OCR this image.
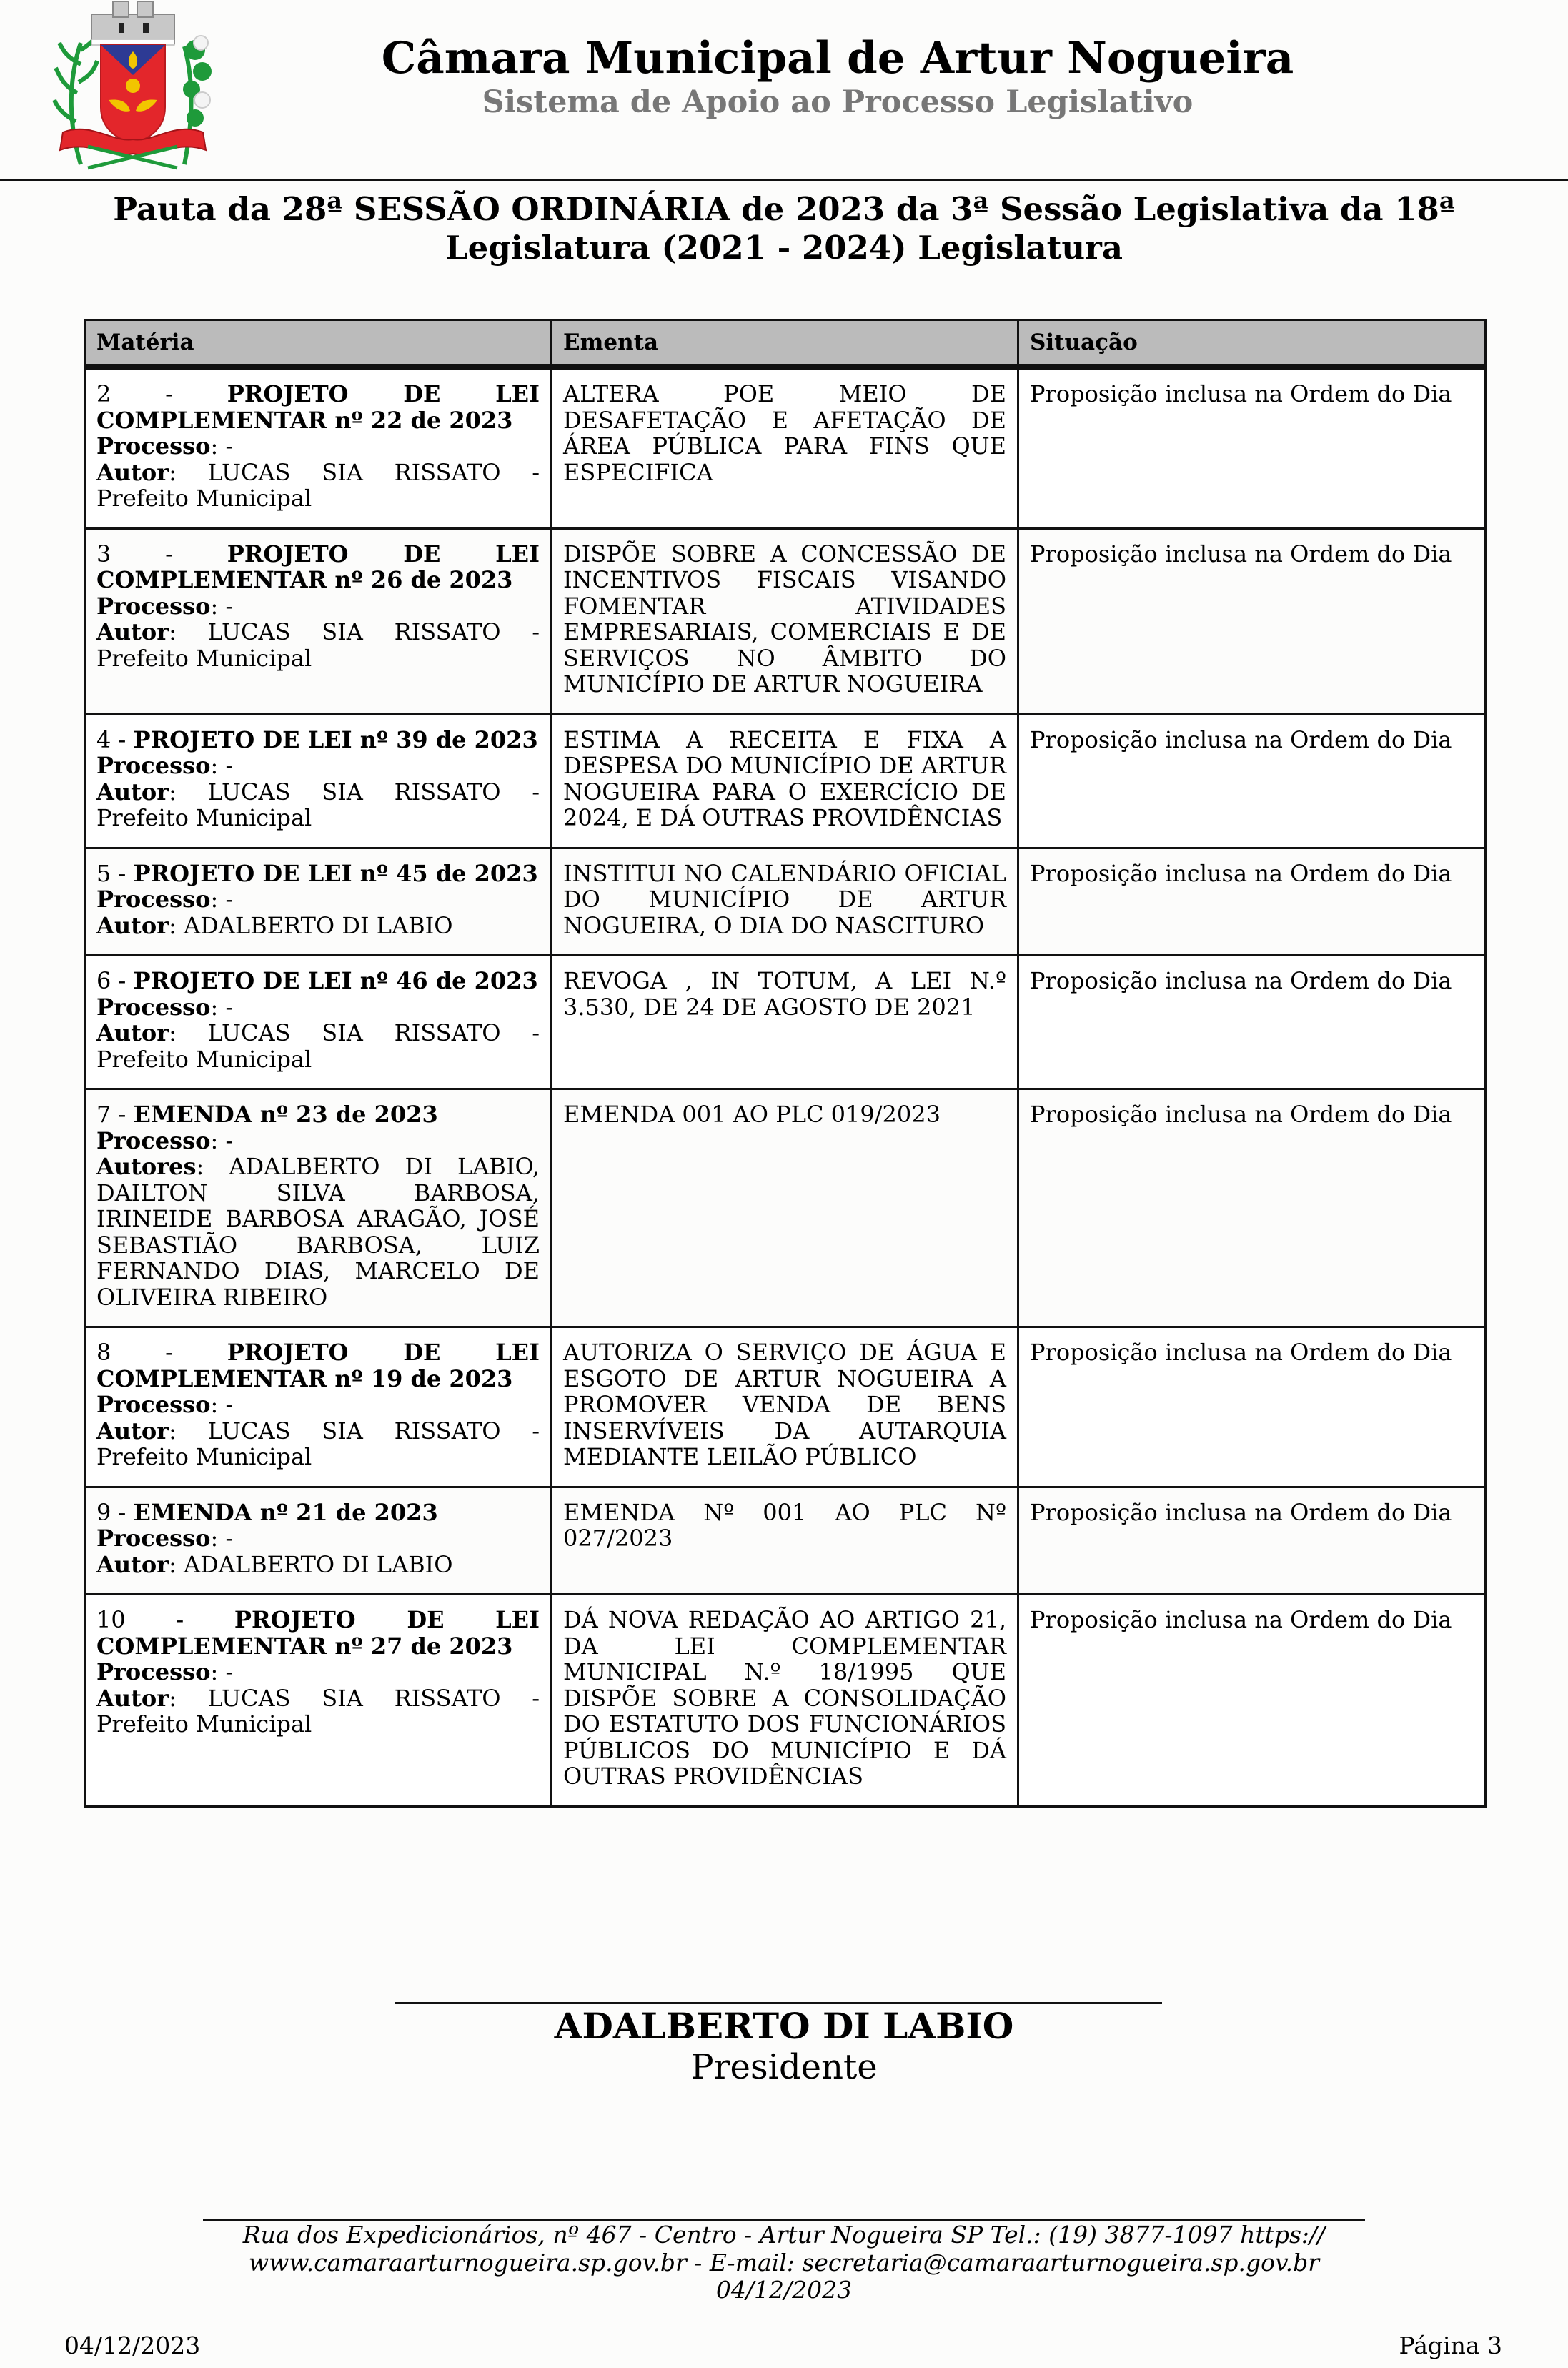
Câmara Municipal de Artur Nogueira
Sistema de Apoio ao Processo Legislativo
Pauta da 28ª SESSÃO ORDINÁRIA de 2023 da 3ª Sessão Legislativa da 18ª
Legislatura (2021 - 2024) Legislatura
Matéria	Ementa	Situação
2 - PROJETO DE LEI COMPLEMENTAR nº 22 de 2023
Processo: -
Autor: LUCAS SIA RISSATO - Prefeito Municipal	ALTERA POE MEIO DE DESAFETAÇÃO E AFETAÇÃO DE ÁREA PÚBLICA PARA FINS QUE ESPECIFICA	Proposição inclusa na Ordem do Dia
3 - PROJETO DE LEI COMPLEMENTAR nº 26 de 2023
Processo: -
Autor: LUCAS SIA RISSATO - Prefeito Municipal	DISPÕE SOBRE A CONCESSÃO DE INCENTIVOS FISCAIS VISANDO FOMENTAR ATIVIDADES EMPRESARIAIS, COMERCIAIS E DE SERVIÇOS NO ÂMBITO DO MUNICÍPIO DE ARTUR NOGUEIRA	Proposição inclusa na Ordem do Dia
4 - PROJETO DE LEI nº 39 de 2023
Processo: -
Autor: LUCAS SIA RISSATO - Prefeito Municipal	ESTIMA A RECEITA E FIXA A DESPESA DO MUNICÍPIO DE ARTUR NOGUEIRA PARA O EXERCÍCIO DE 2024, E DÁ OUTRAS PROVIDÊNCIAS	Proposição inclusa na Ordem do Dia
5 - PROJETO DE LEI nº 45 de 2023
Processo: -
Autor: ADALBERTO DI LABIO	INSTITUI NO CALENDÁRIO OFICIAL DO MUNICÍPIO DE ARTUR NOGUEIRA, O DIA DO NASCITURO	Proposição inclusa na Ordem do Dia
6 - PROJETO DE LEI nº 46 de 2023
Processo: -
Autor: LUCAS SIA RISSATO - Prefeito Municipal	REVOGA , IN TOTUM, A LEI N.º 3.530, DE 24 DE AGOSTO DE 2021	Proposição inclusa na Ordem do Dia
7 - EMENDA nº 23 de 2023
Processo: -
Autores: ADALBERTO DI LABIO, DAILTON SILVA BARBOSA, IRINEIDE BARBOSA ARAGÃO, JOSÉ SEBASTIÃO BARBOSA, LUIZ FERNANDO DIAS, MARCELO DE OLIVEIRA RIBEIRO	EMENDA 001 AO PLC 019/2023	Proposição inclusa na Ordem do Dia
8 - PROJETO DE LEI COMPLEMENTAR nº 19 de 2023
Processo: -
Autor: LUCAS SIA RISSATO - Prefeito Municipal	AUTORIZA O SERVIÇO DE ÁGUA E ESGOTO DE ARTUR NOGUEIRA A PROMOVER VENDA DE BENS INSERVÍVEIS DA AUTARQUIA MEDIANTE LEILÃO PÚBLICO	Proposição inclusa na Ordem do Dia
9 - EMENDA nº 21 de 2023
Processo: -
Autor: ADALBERTO DI LABIO	EMENDA Nº 001 AO PLC Nº 027/2023	Proposição inclusa na Ordem do Dia
10 - PROJETO DE LEI COMPLEMENTAR nº 27 de 2023
Processo: -
Autor: LUCAS SIA RISSATO - Prefeito Municipal	DÁ NOVA REDAÇÃO AO ARTIGO 21, DA LEI COMPLEMENTAR MUNICIPAL N.º 18/1995 QUE DISPÕE SOBRE A CONSOLIDAÇÃO DO ESTATUTO DOS FUNCIONÁRIOS PÚBLICOS DO MUNICÍPIO E DÁ OUTRAS PROVIDÊNCIAS	Proposição inclusa na Ordem do Dia
ADALBERTO DI LABIO
Presidente
Rua dos Expedicionários, nº 467 - Centro - Artur Nogueira SP Tel.: (19) 3877-1097 https://
www.camaraarturnogueira.sp.gov.br - E-mail: secretaria@camaraarturnogueira.sp.gov.br
04/12/2023
04/12/2023	Página 3
